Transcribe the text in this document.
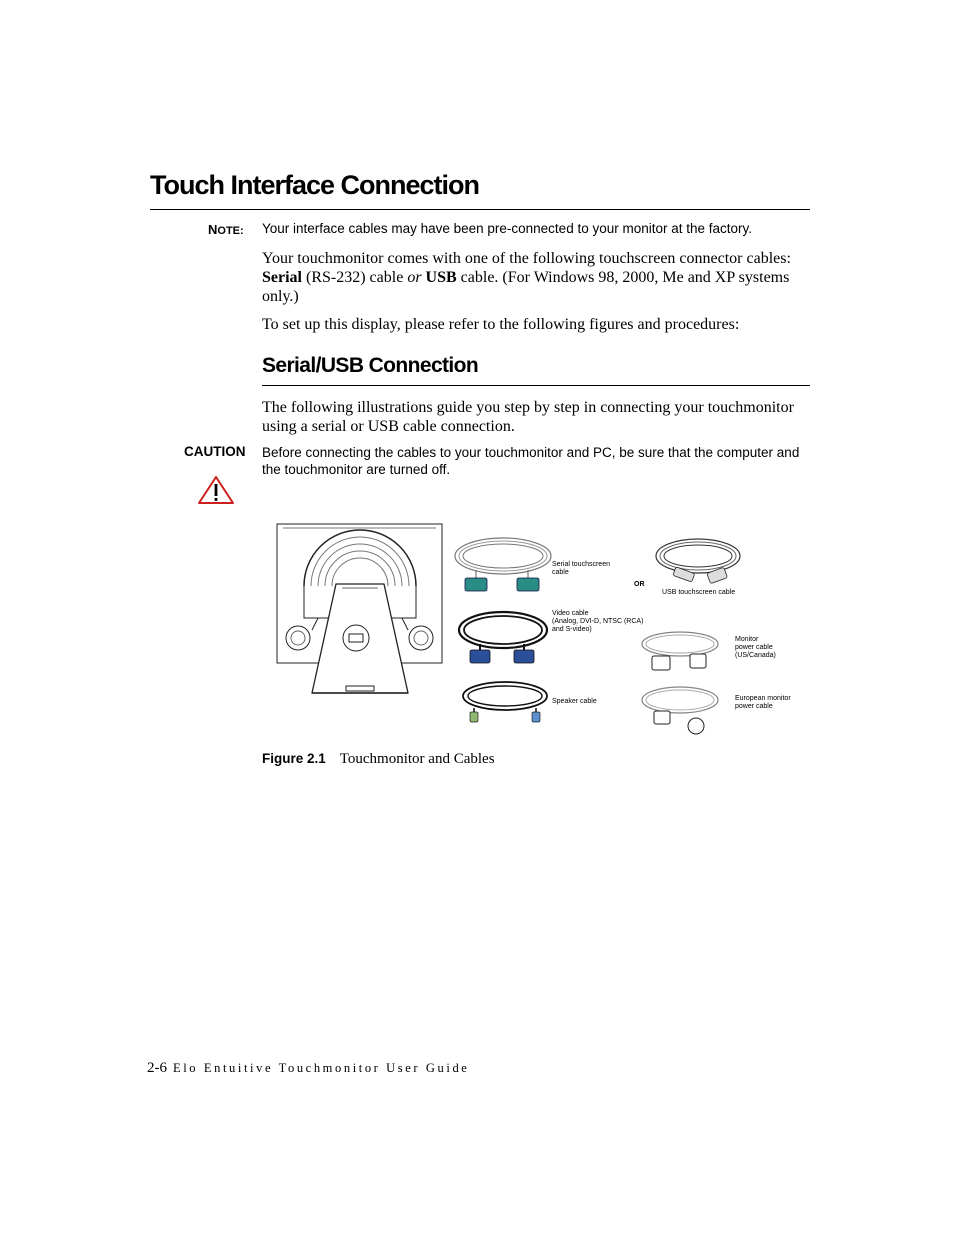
Touch Interface Connection
NOTE:	Your interface cables may have been pre-connected to your monitor at the factory.

Your touchmonitor comes with one of the following touchscreen connector cables: Serial (RS-232) cable or USB cable. (For Windows 98, 2000, Me and XP systems only.)

To set up this display, please refer to the following figures and procedures:

Serial/USB Connection

The following illustrations guide you step by step in connecting your touchmonitor using a serial or USB cable connection.

CAUTION Before connecting the cables to your touchmonitor and PC, be sure that the computer and the touchmonitor are turned off.
Serial touchscreen
cable
OR
USB touchscreen cable
Video cable
(Analog, DVI-D, NTSC (RCA)
and S-video)
Monitor
power cable
(US/Canada)
Speaker cable	European monitor
power cable
Figure 2.1 Touchmonitor and Cables
2-6 Elo Entuitive Touchmonitor User Guide
